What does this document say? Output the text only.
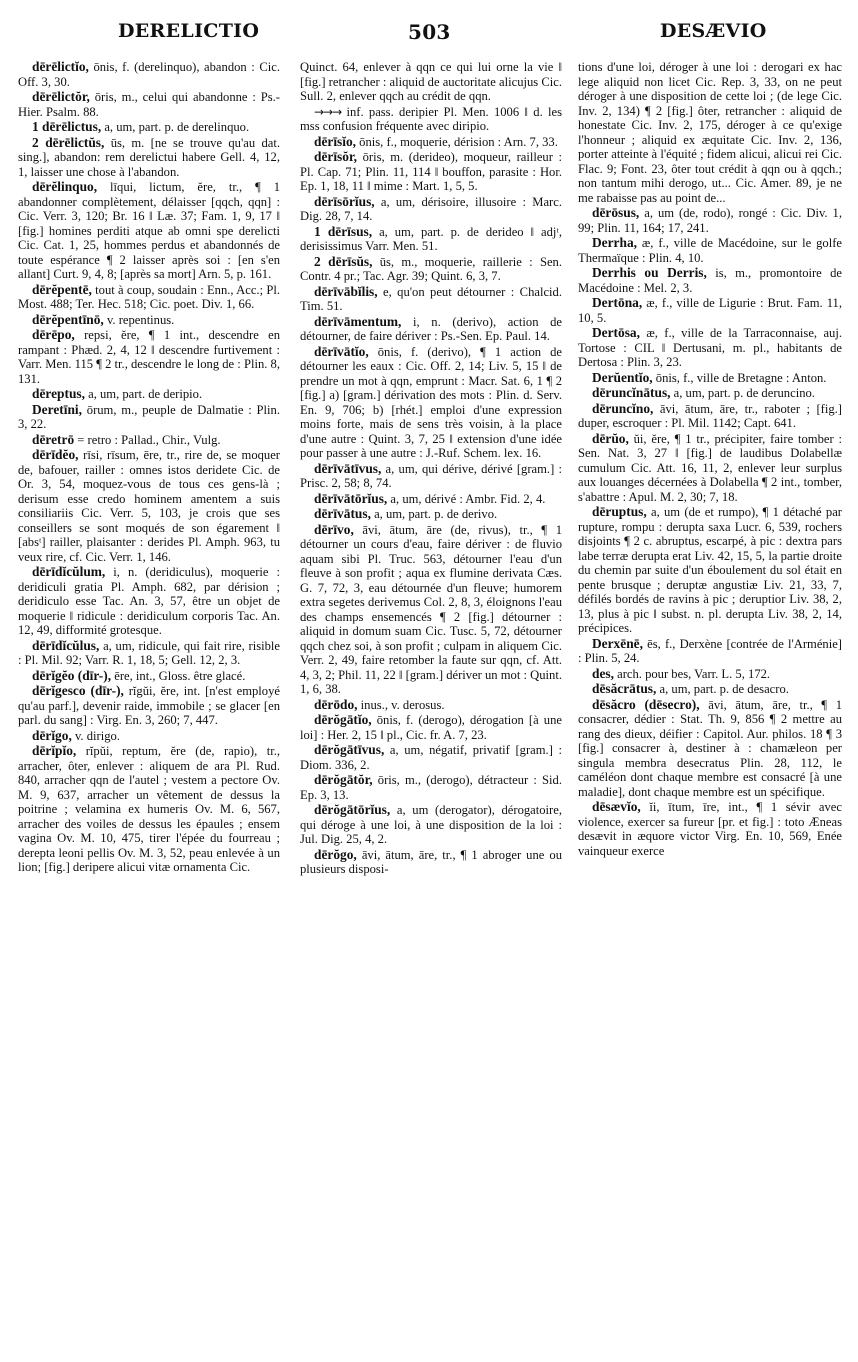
DERELICTIO	503	DESÆVIO

dērēlictĭo, ōnis, f. (derelinquo), abandon : Cic. Off. 3, 30.

dērēlictŏr, ōris, m., celui qui abandonne : Ps.-Hier. Psalm. 88.

1 dērēlictus, a, um, part. p. de derelinquo.

2 dērēlictŭs, ūs, m. [ne se trouve qu'au dat. sing.], abandon: rem derelictui habere Gell. 4, 12, 1, laisser une chose à l'abandon.

dērĕlinquo, līqui, lictum, ĕre, tr., ¶ 1 abandonner complètement, délaisser [qqch, qqn] : Cic. Verr. 3, 120; Br. 16 ‖ Læ. 37; Fam. 1, 9, 17 ‖ [fig.] homines perditi atque ab omni spe derelicti Cic. Cat. 1, 25, hommes perdus et abandonnés de toute espérance ¶ 2 laisser après soi : [en s'en allant] Curt. 9, 4, 8; [après sa mort] Arn. 5, p. 161.

dērĕpentē, tout à coup, soudain : Enn., Acc.; Pl. Most. 488; Ter. Hec. 518; Cic. poet. Div. 1, 66.

dērĕpentīnō, v. repentinus.

dērēpo, repsi, ĕre, ¶ 1 int., descendre en rampant : Phæd. 2, 4, 12 ‖ descendre furtivement : Varr. Men. 115 ¶ 2 tr., descendre le long de : Plin. 8, 131.

dēreptus, a, um, part. de deripio.

Deretīni, ōrum, m., peuple de Dalmatie : Plin. 3, 22.

dēretrō = retro : Pallad., Chir., Vulg.

dērīdĕo, rīsi, rīsum, ēre, tr., rire de, se moquer de, bafouer, railler : omnes istos deridete Cic. de Or. 3, 54, moquez-vous de tous ces gens-là ; derisum esse credo hominem amentem a suis consiliariis Cic. Verr. 5, 103, je crois que ses conseillers se sont moqués de son égarement ‖ [absᵗ] railler, plaisanter : derides Pl. Amph. 963, tu veux rire, cf. Cic. Verr. 1, 146.

dērīdĭcŭlum, i, n. (deridiculus), moquerie : deridiculi gratia Pl. Amph. 682, par dérision ; deridiculo esse Tac. An. 3, 57, être un objet de moquerie ‖ ridicule : deridiculum corporis Tac. An. 12, 49, difformité grotesque.

dērīdĭcŭlus, a, um, ridicule, qui fait rire, risible : Pl. Mil. 92; Varr. R. 1, 18, 5; Gell. 12, 2, 3.

dērĭgĕo (dīr-), ēre, int., Gloss. être glacé.

dērĭgesco (dīr-), rĭgŭi, ĕre, int. [n'est employé qu'au parf.], devenir raide, immobile ; se glacer [en parl. du sang] : Virg. En. 3, 260; 7, 447.

dērĭgo, v. dirigo.

dērĭpĭo, rĭpŭi, reptum, ĕre (de, rapio), tr., arracher, ôter, enlever : aliquem de ara Pl. Rud. 840, arracher qqn de l'autel ; vestem a pectore Ov. M. 9, 637, arracher un vêtement de dessus la poitrine ; velamina ex humeris Ov. M. 6, 567, arracher des voiles de dessus les épaules ; ensem vagina Ov. M. 10, 475, tirer l'épée du fourreau ; derepta leoni pellis Ov. M. 3, 52, peau enlevée à un lion; [fig.] deripere alicui vitæ ornamenta Cic.

Quinct. 64, enlever à qqn ce qui lui orne la vie ‖ [fig.] retrancher : aliquid de auctoritate alicujus Cic. Sull. 2, enlever qqch au crédit de qqn.

→→→ inf. pass. deripier Pl. Men. 1006 ‖ d. les mss confusion fréquente avec diripio.

dērīsĭo, ōnis, f., moquerie, dérision : Arn. 7, 33.

dērīsŏr, ōris, m. (derideo), moqueur, railleur : Pl. Cap. 71; Plin. 11, 114 ‖ bouffon, parasite : Hor. Ep. 1, 18, 11 ‖ mime : Mart. 1, 5, 5.

dērīsōrĭus, a, um, dérisoire, illusoire : Marc. Dig. 28, 7, 14.

1 dērīsus, a, um, part. p. de derideo ‖ adjᵗ, derisissimus Varr. Men. 51.

2 dērīsŭs, ūs, m., moquerie, raillerie : Sen. Contr. 4 pr.; Tac. Agr. 39; Quint. 6, 3, 7.

dērīvābĭlis, e, qu'on peut détourner : Chalcid. Tim. 51.

dērīvāmentum, i, n. (derivo), action de détourner, de faire dériver : Ps.-Sen. Ep. Paul. 14.

dērīvātĭo, ōnis, f. (derivo), ¶ 1 action de détourner les eaux : Cic. Off. 2, 14; Liv. 5, 15 ‖ de prendre un mot à qqn, emprunt : Macr. Sat. 6, 1 ¶ 2 [fig.] a) [gram.] dérivation des mots : Plin. d. Serv. En. 9, 706; b) [rhét.] emploi d'une expression moins forte, mais de sens très voisin, à la place d'une autre : Quint. 3, 7, 25 ‖ extension d'une idée pour passer à une autre : J.-Ruf. Schem. lex. 16.

dērīvātīvus, a, um, qui dérive, dérivé [gram.] : Prisc. 2, 58; 8, 74.

dērīvātōrĭus, a, um, dérivé : Ambr. Fid. 2, 4.

dērīvātus, a, um, part. p. de derivo.

dērīvo, āvi, ātum, āre (de, rivus), tr., ¶ 1 détourner un cours d'eau, faire dériver : de fluvio aquam sibi Pl. Truc. 563, détourner l'eau d'un fleuve à son profit ; aqua ex flumine derivata Cæs. G. 7, 72, 3, eau détournée d'un fleuve; humorem extra segetes derivemus Col. 2, 8, 3, éloignons l'eau des champs ensemencés ¶ 2 [fig.] détourner : aliquid in domum suam Cic. Tusc. 5, 72, détourner qqch chez soi, à son profit ; culpam in aliquem Cic. Verr. 2, 49, faire retomber la faute sur qqn, cf. Att. 4, 3, 2; Phil. 11, 22 ‖ [gram.] dériver un mot : Quint. 1, 6, 38.

dērōdo, inus., v. derosus.

dērŏgātĭo, ōnis, f. (derogo), dérogation [à une loi] : Her. 2, 15 ‖ pl., Cic. fr. A. 7, 23.

dērŏgātīvus, a, um, négatif, privatif [gram.] : Diom. 336, 2.

dērŏgātŏr, ōris, m., (derogo), détracteur : Sid. Ep. 3, 13.

dērŏgātōrĭus, a, um (derogator), dérogatoire, qui déroge à une loi, à une disposition de la loi : Jul. Dig. 25, 4, 2.

dērŏgo, āvi, ātum, āre, tr., ¶ 1 abroger une ou plusieurs disposi-

tions d'une loi, déroger à une loi : derogari ex hac lege aliquid non licet Cic. Rep. 3, 33, on ne peut déroger à une disposition de cette loi ; (de lege Cic. Inv. 2, 134) ¶ 2 [fig.] ôter, retrancher : aliquid de honestate Cic. Inv. 2, 175, déroger à ce qu'exige l'honneur ; aliquid ex æquitate Cic. Inv. 2, 136, porter atteinte à l'équité ; fidem alicui, alicui rei Cic. Flac. 9; Font. 23, ôter tout crédit à qqn ou à qqch.; non tantum mihi derogo, ut... Cic. Amer. 89, je ne me rabaisse pas au point de...

dērōsus, a, um (de, rodo), rongé : Cic. Div. 1, 99; Plin. 11, 164; 17, 241.

Derrha, æ, f., ville de Macédoine, sur le golfe Thermaïque : Plin. 4, 10.

Derrhis ou Derris, is, m., promontoire de Macédoine : Mel. 2, 3.

Dertōna, æ, f., ville de Ligurie : Brut. Fam. 11, 10, 5.

Dertōsa, æ, f., ville de la Tarraconnaise, auj. Tortose : CIL ‖ Dertusani, m. pl., habitants de Dertosa : Plin. 3, 23.

Derŭentĭo, ōnis, f., ville de Bretagne : Anton.

dēruncĭnātus, a, um, part. p. de deruncino.

dēruncĭno, āvi, ātum, āre, tr., raboter ; [fig.] duper, escroquer : Pl. Mil. 1142; Capt. 641.

dērŭo, ŭi, ĕre, ¶ 1 tr., précipiter, faire tomber : Sen. Nat. 3, 27 ‖ [fig.] de laudibus Dolabellæ cumulum Cic. Att. 16, 11, 2, enlever leur surplus aux louanges décernées à Dolabella ¶ 2 int., tomber, s'abattre : Apul. M. 2, 30; 7, 18.

dēruptus, a, um (de et rumpo), ¶ 1 détaché par rupture, rompu : derupta saxa Lucr. 6, 539, rochers disjoints ¶ 2 c. abruptus, escarpé, à pic : dextra pars labe terræ derupta erat Liv. 42, 15, 5, la partie droite du chemin par suite d'un éboulement du sol était en pente brusque ; deruptæ angustiæ Liv. 21, 33, 7, défilés bordés de ravins à pic ; deruptior Liv. 38, 2, 13, plus à pic ‖ subst. n. pl. derupta Liv. 38, 2, 14, précipices.

Derxēnē, ēs, f., Derxène [contrée de l'Arménie] : Plin. 5, 24.

des, arch. pour bes, Varr. L. 5, 172.

dēsăcrātus, a, um, part. p. de desacro.

dēsăcro (dēsecro), āvi, ātum, āre, tr., ¶ 1 consacrer, dédier : Stat. Th. 9, 856 ¶ 2 mettre au rang des dieux, déifier : Capitol. Aur. philos. 18 ¶ 3 [fig.] consacrer à, destiner à : chamæleon per singula membra desecratus Plin. 28, 112, le caméléon dont chaque membre est consacré [à une maladie], dont chaque membre est un spécifique.

dēsævĭo, ĭi, ītum, īre, int., ¶ 1 sévir avec violence, exercer sa fureur [pr. et fig.] : toto Æneas desævit in æquore victor Virg. En. 10, 569, Enée vainqueur exerce
